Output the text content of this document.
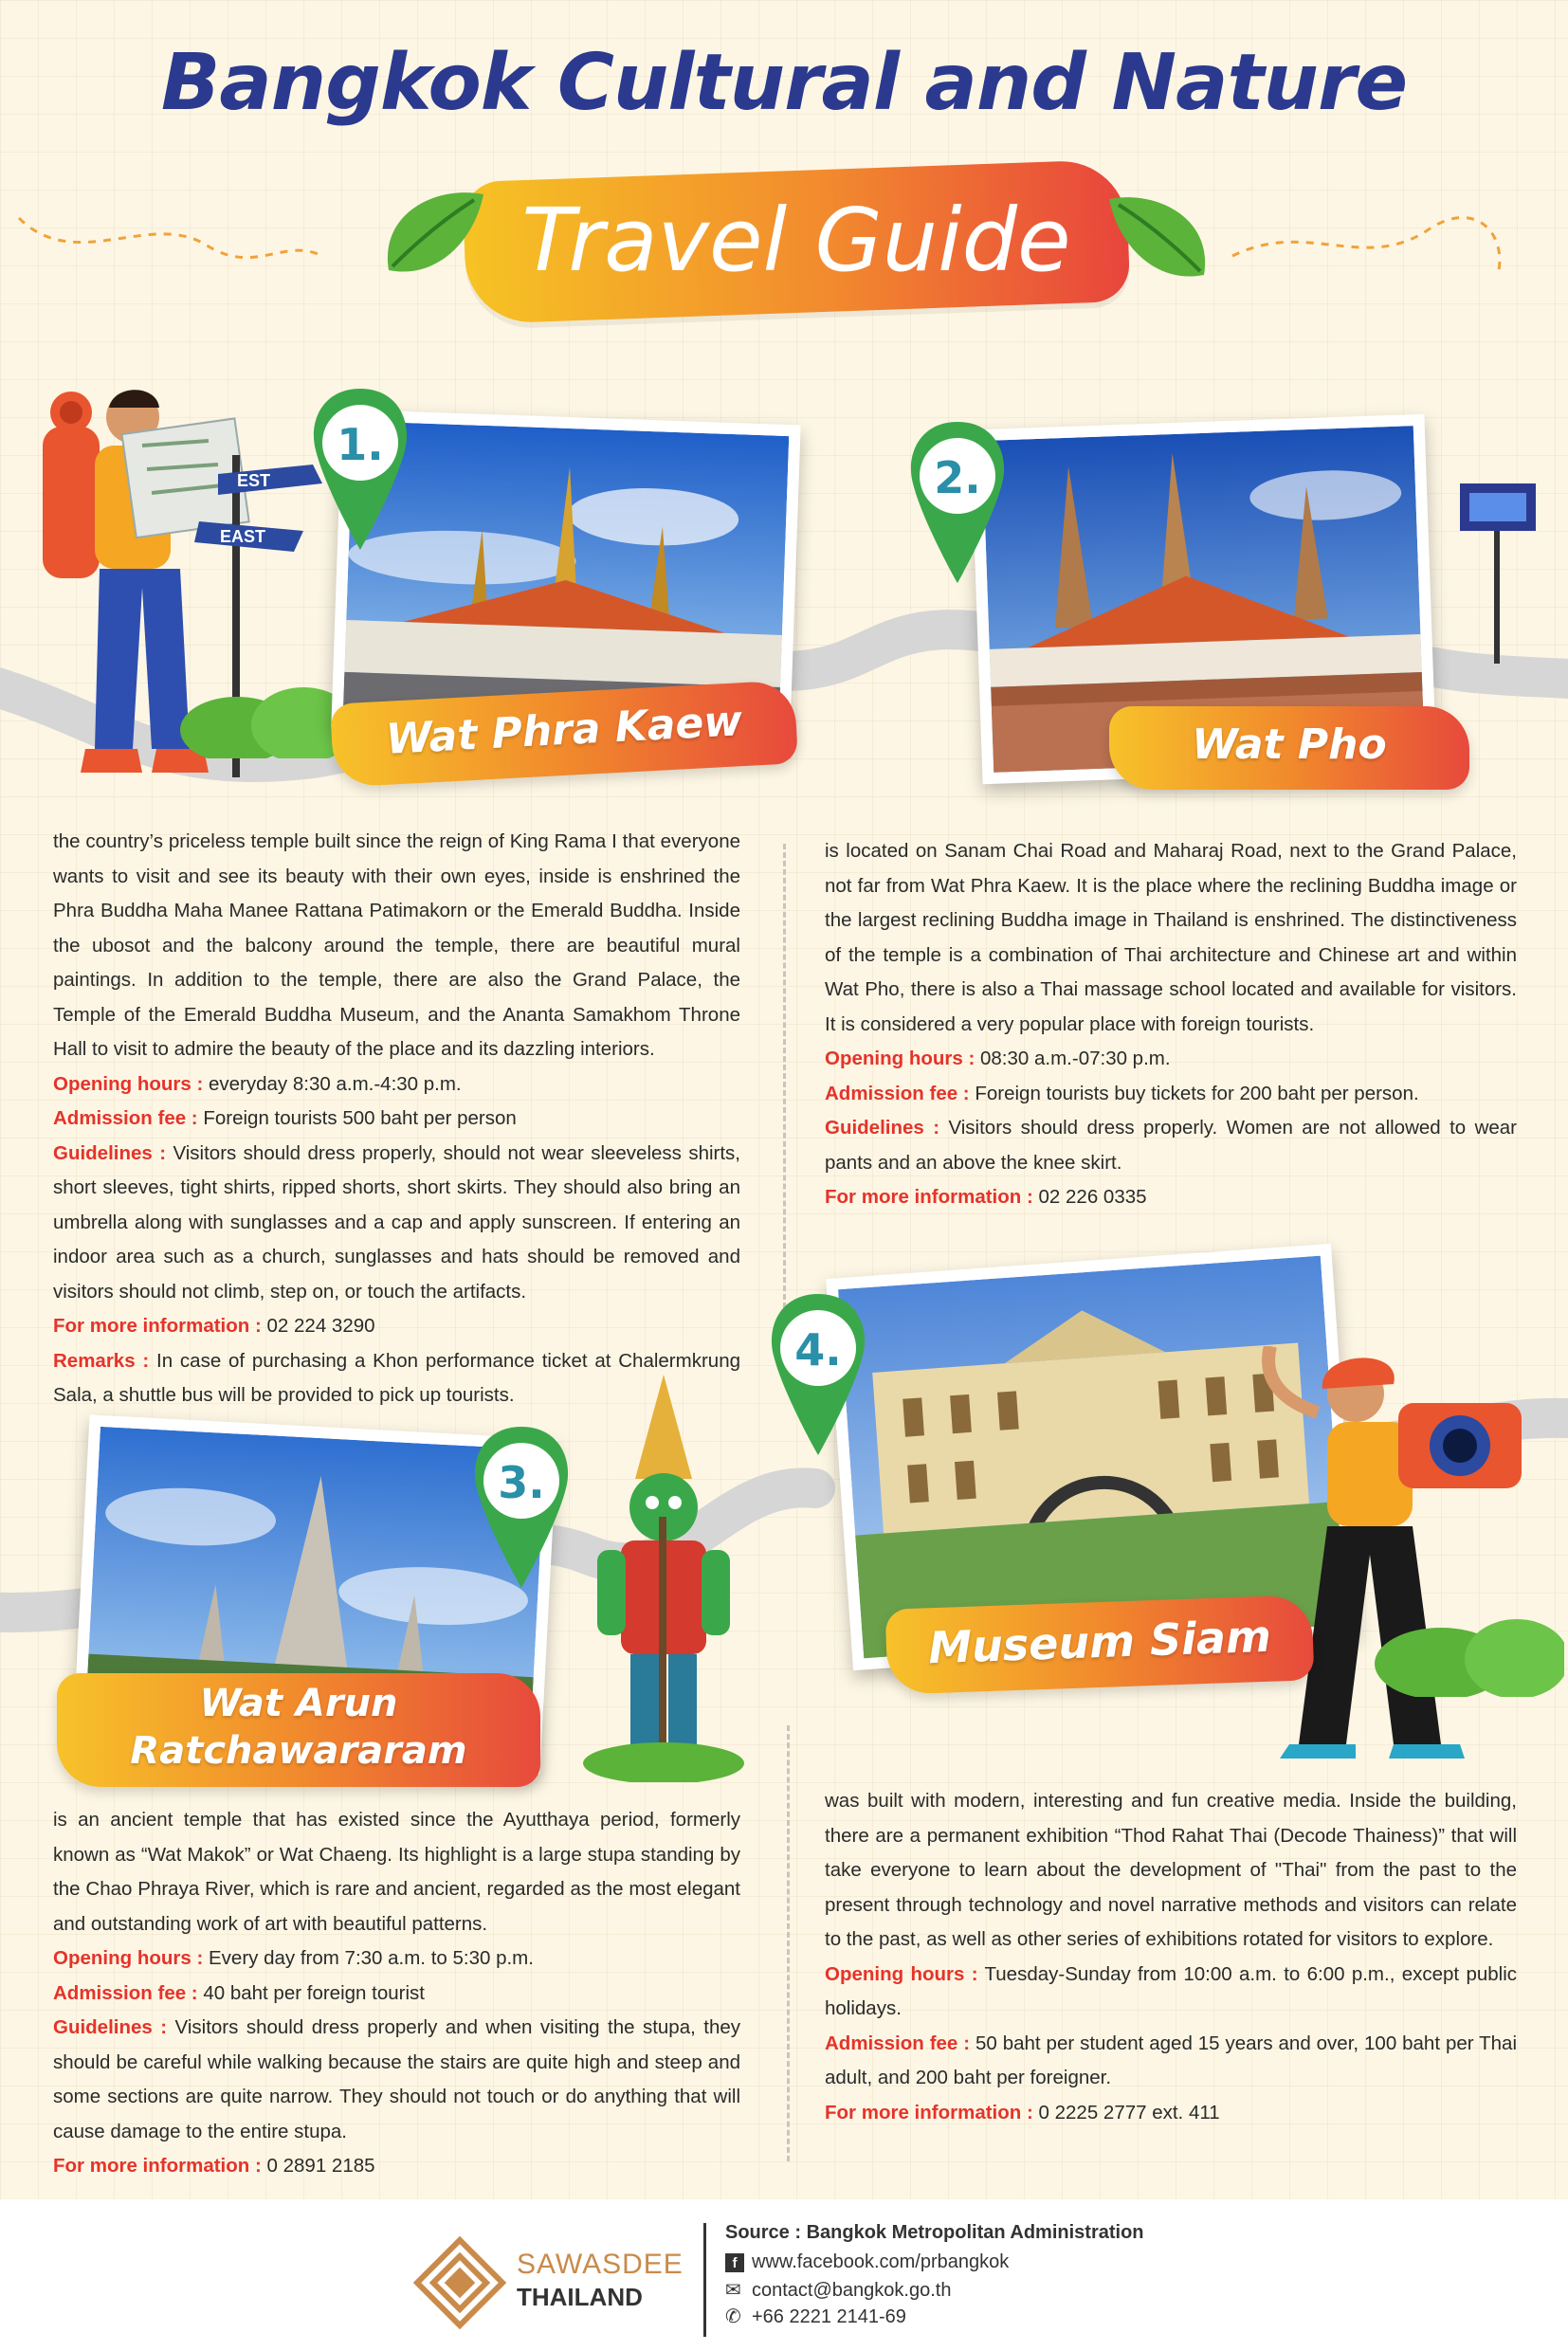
Bangkok Cultural and Nature
Travel Guide
EST
EAST
1.
Wat Phra Kaew
2.
Wat Pho

the country’s priceless temple built since the reign of King Rama I that everyone wants to visit and see its beauty with their own eyes, inside is enshrined the Phra Buddha Maha Manee Rattana Patimakorn or the Emerald Buddha. Inside the ubosot and the balcony around the temple, there are beautiful mural paintings. In addition to the temple, there are also the Grand Palace, the Temple of the Emerald Buddha Museum, and the Ananta Samakhom Throne Hall to visit to admire the beauty of the place and its dazzling interiors.

Opening hours : everyday 8:30 a.m.-4:30 p.m.

Admission fee : Foreign tourists 500 baht per person

Guidelines : Visitors should dress properly, should not wear sleeveless shirts, short sleeves, tight shirts, ripped shorts, short skirts. They should also bring an umbrella along with sunglasses and a cap and apply sunscreen. If entering an indoor area such as a church, sunglasses and hats should be removed and visitors should not climb, step on, or touch the artifacts.

For more information : 02 224 3290

Remarks : In case of purchasing a Khon performance ticket at Chalermkrung Sala, a shuttle bus will be provided to pick up tourists.

is located on Sanam Chai Road and Maharaj Road, next to the Grand Palace, not far from Wat Phra Kaew. It is the place where the reclining Buddha image or the largest reclining Buddha image in Thailand is enshrined. The distinctiveness of the temple is a combination of Thai architecture and Chinese art and within Wat Pho, there is also a Thai massage school located and available for visitors. It is considered a very popular place with foreign tourists.

Opening hours : 08:30 a.m.-07:30 p.m.

Admission fee : Foreign tourists buy tickets for 200 baht per person.

Guidelines : Visitors should dress properly. Women are not allowed to wear pants and an above the knee skirt.

For more information : 02 226 0335

4.
Museum Siam
3.
Wat Arun
Ratchawararam

is an ancient temple that has existed since the Ayutthaya period, formerly known as “Wat Makok” or Wat Chaeng. Its highlight is a large stupa standing by the Chao Phraya River, which is rare and ancient, regarded as the most elegant and outstanding work of art with beautiful patterns.

Opening hours : Every day from 7:30 a.m. to 5:30 p.m.

Admission fee : 40 baht per foreign tourist

Guidelines : Visitors should dress properly and when visiting the stupa, they should be careful while walking because the stairs are quite high and steep and some sections are quite narrow. They should not touch or do anything that will cause damage to the entire stupa.

For more information : 0 2891 2185

was built with modern, interesting and fun creative media. Inside the building, there are a permanent exhibition “Thod Rahat Thai (Decode Thainess)” that will take everyone to learn about the development of "Thai" from the past to the present through technology and novel narrative methods and visitors can relate to the past, as well as other series of exhibitions rotated for visitors to explore.

Opening hours : Tuesday-Sunday from 10:00 a.m. to 6:00 p.m., except public holidays.

Admission fee : 50 baht per student aged 15 years and over, 100 baht per Thai adult, and 200 baht per foreigner.

For more information : 0 2225 2777 ext. 411

SAWASDEE
THAILAND
Source : Bangkok Metropolitan Administration
f www.facebook.com/prbangkok
✉ contact@bangkok.go.th
✆ +66 2221 2141-69
